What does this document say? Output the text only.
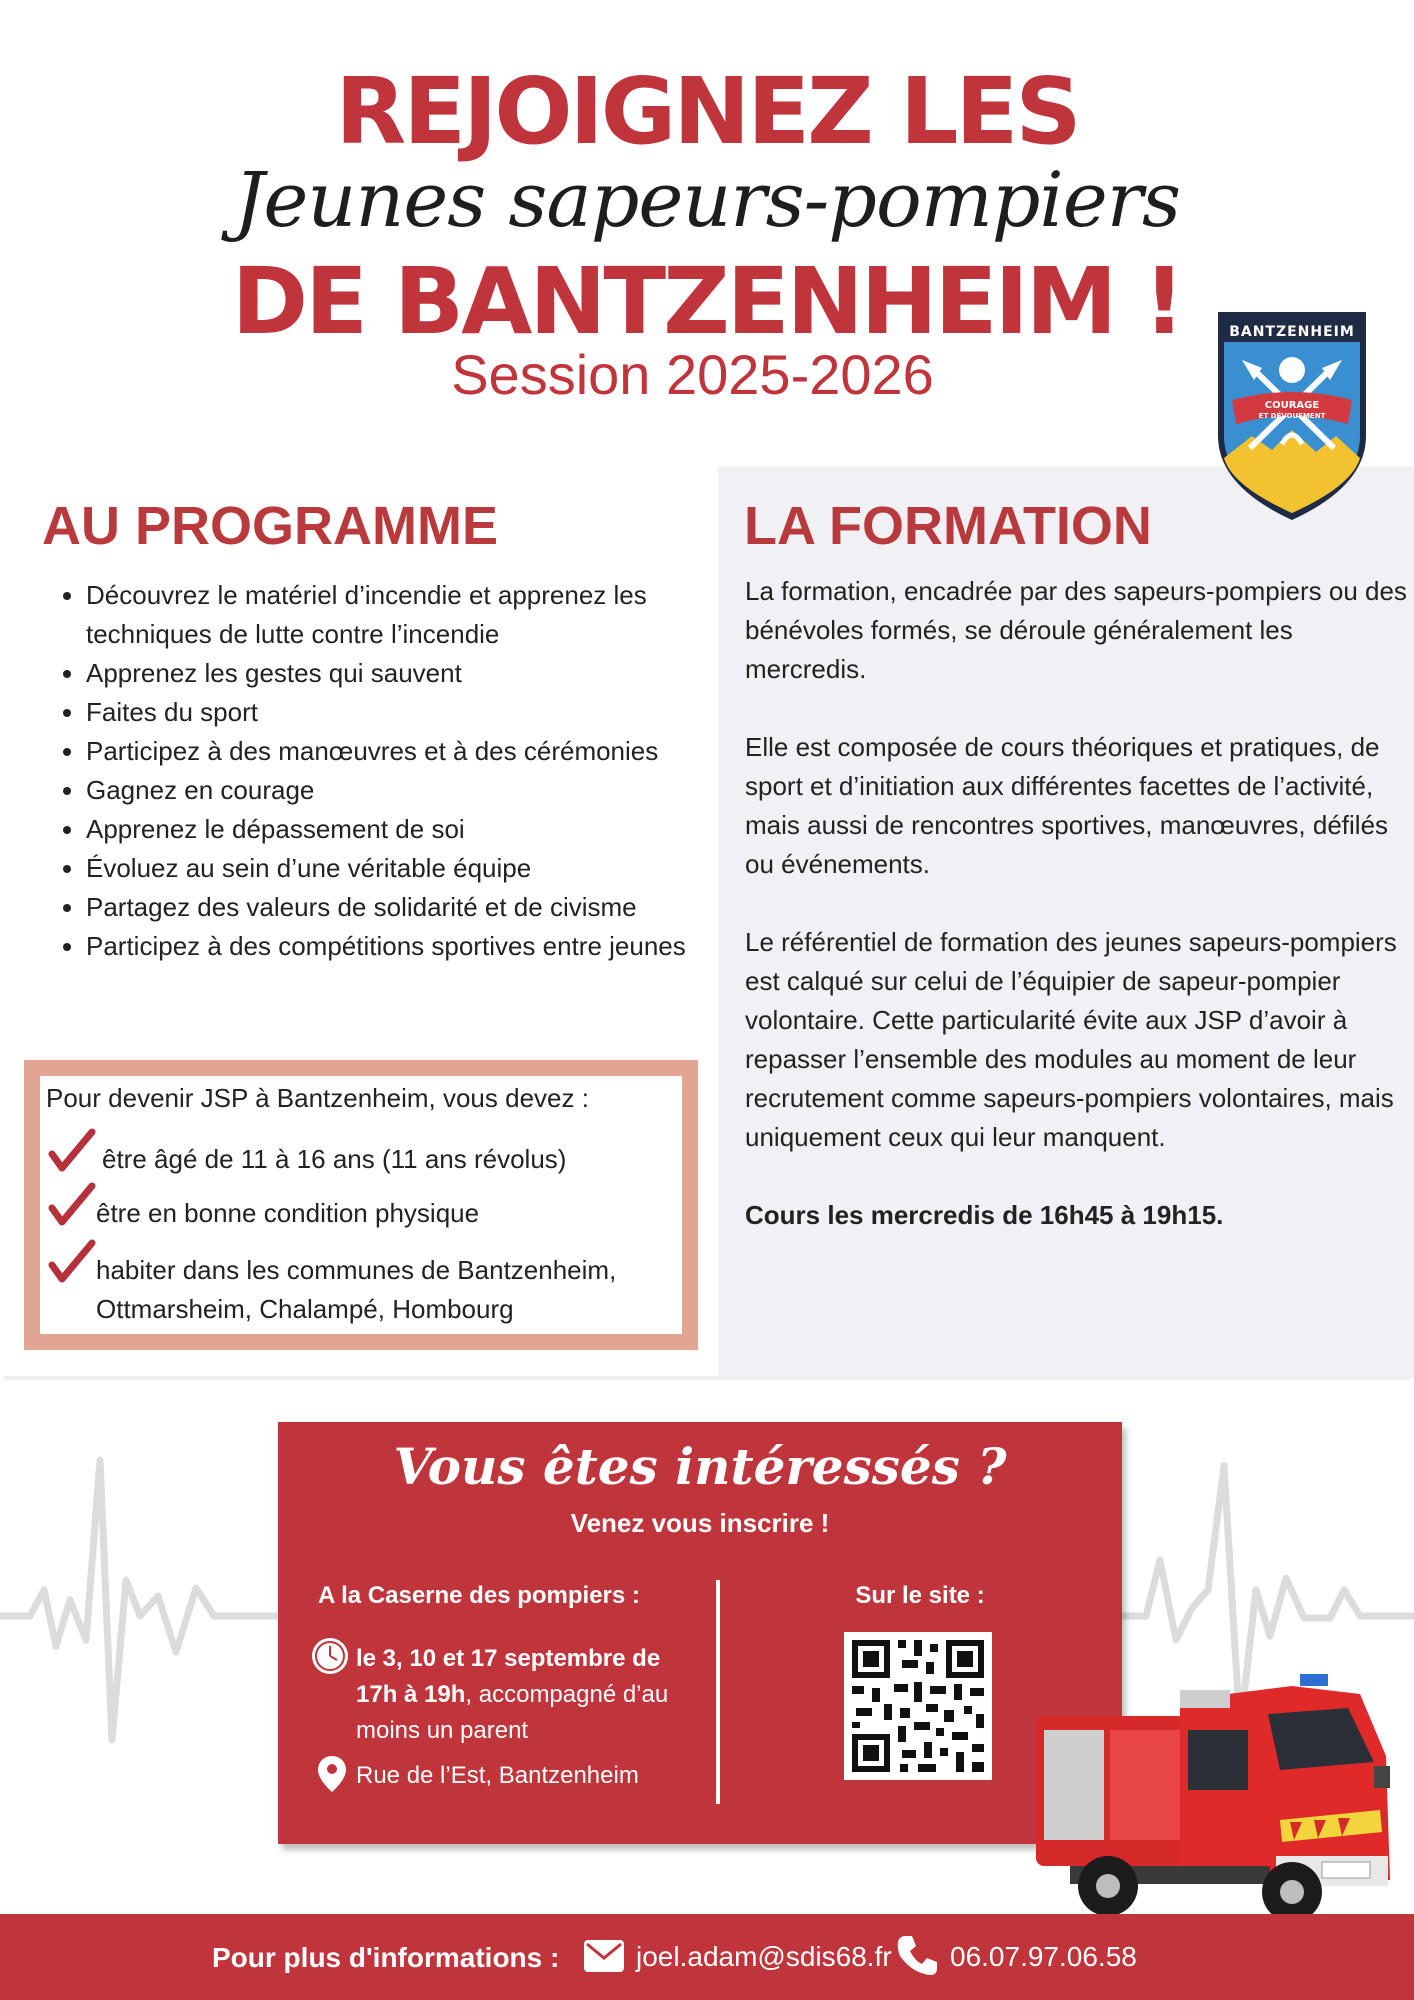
REJOIGNEZ LES
Jeunes sapeurs-pompiers
DE BANTZENHEIM !
Session 2025-2026
BANTZENHEIM
COURAGE
ET DÉVOUEMENT
AU PROGRAMME
• Découvrez le matériel d’incendie et apprenez les techniques de lutte contre l’incendie
• Apprenez les gestes qui sauvent
• Faites du sport
• Participez à des manœuvres et à des cérémonies
• Gagnez en courage
• Apprenez le dépassement de soi
• Évoluez au sein d’une véritable équipe
• Partagez des valeurs de solidarité et de civisme
• Participez à des compétitions sportives entre jeunes
Pour devenir JSP à Bantzenheim, vous devez :
être âgé de 11 à 16 ans (11 ans révolus)
être en bonne condition physique
habiter dans les communes de Bantzenheim, Ottmarsheim, Chalampé, Hombourg
LA FORMATION

La formation, encadrée par des sapeurs-pompiers ou des bénévoles formés, se déroule généralement les mercredis.

Elle est composée de cours théoriques et pratiques, de sport et d’initiation aux différentes facettes de l’activité, mais aussi de rencontres sportives, manœuvres, défilés ou événements.

Le référentiel de formation des jeunes sapeurs-pompiers est calqué sur celui de l’équipier de sapeur-pompier volontaire. Cette particularité évite aux JSP d’avoir à repasser l’ensemble des modules au moment de leur recrutement comme sapeurs-pompiers volontaires, mais uniquement ceux qui leur manquent.

Cours les mercredis de 16h45 à 19h15.

Vous êtes intéressés ?
Venez vous inscrire !
A la Caserne des pompiers :	Sur le site :
le 3, 10 et 17 septembre de 17h à 19h, accompagné d’au moins un parent
Rue de l’Est, Bantzenheim
Pour plus d'informations :	joel.adam@sdis68.fr 06.07.97.06.58
